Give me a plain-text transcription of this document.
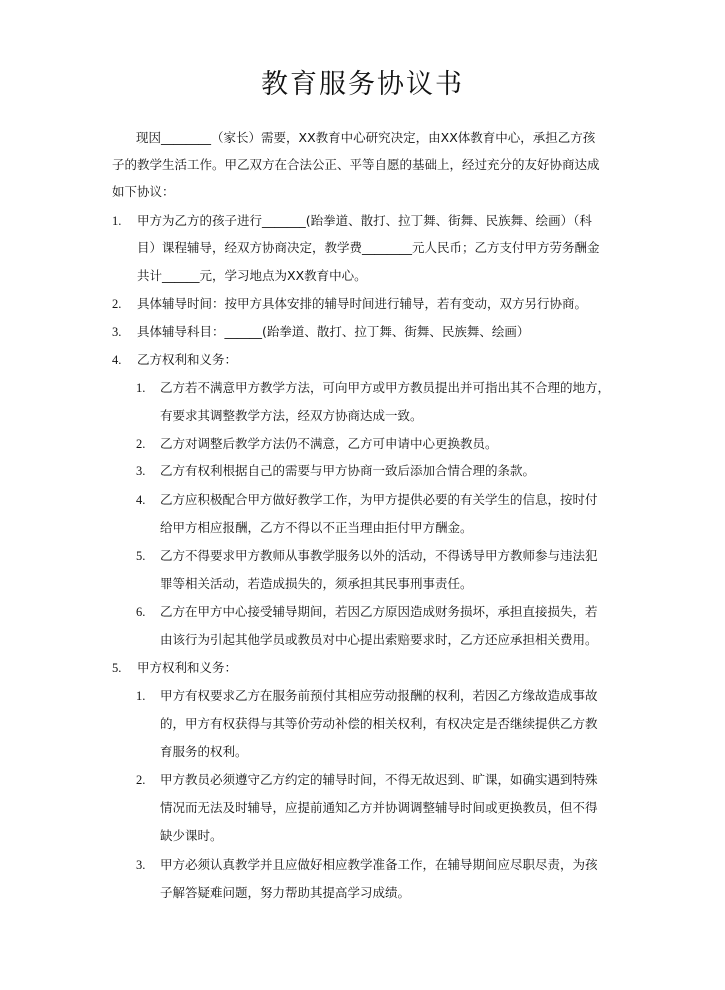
教育服务协议书
现因________（家长）需要，XX教育中心研究决定，由XX体教育中心，承担乙方孩
子的教学生活工作。甲乙双方在合法公正、平等自愿的基础上，经过充分的友好协商达成
如下协议：
1. 甲方为乙方的孩子进行_______(跆拳道、散打、拉丁舞、街舞、民族舞、绘画）（科
目）课程辅导，经双方协商决定，教学费________元人民币；乙方支付甲方劳务酬金
共计______元，学习地点为XX教育中心。
2. 具体辅导时间：按甲方具体安排的辅导时间进行辅导，若有变动，双方另行协商。
3. 具体辅导科目：______(跆拳道、散打、拉丁舞、街舞、民族舞、绘画）
4. 乙方权利和义务：
1. 乙方若不满意甲方教学方法，可向甲方或甲方教员提出并可指出其不合理的地方，
有要求其调整教学方法，经双方协商达成一致。
2. 乙方对调整后教学方法仍不满意，乙方可申请中心更换教员。
3. 乙方有权利根据自己的需要与甲方协商一致后添加合情合理的条款。
4. 乙方应积极配合甲方做好教学工作，为甲方提供必要的有关学生的信息，按时付
给甲方相应报酬，乙方不得以不正当理由拒付甲方酬金。
5. 乙方不得要求甲方教师从事教学服务以外的活动，不得诱导甲方教师参与违法犯
罪等相关活动，若造成损失的，须承担其民事刑事责任。
6. 乙方在甲方中心接受辅导期间，若因乙方原因造成财务损坏，承担直接损失，若
由该行为引起其他学员或教员对中心提出索赔要求时，乙方还应承担相关费用。
5. 甲方权利和义务：
1. 甲方有权要求乙方在服务前预付其相应劳动报酬的权利，若因乙方缘故造成事故
的，甲方有权获得与其等价劳动补偿的相关权利，有权决定是否继续提供乙方教
育服务的权利。
2. 甲方教员必须遵守乙方约定的辅导时间，不得无故迟到、旷课，如确实遇到特殊
情况而无法及时辅导，应提前通知乙方并协调调整辅导时间或更换教员，但不得
缺少课时。
3. 甲方必须认真教学并且应做好相应教学准备工作，在辅导期间应尽职尽责，为孩
子解答疑难问题，努力帮助其提高学习成绩。
